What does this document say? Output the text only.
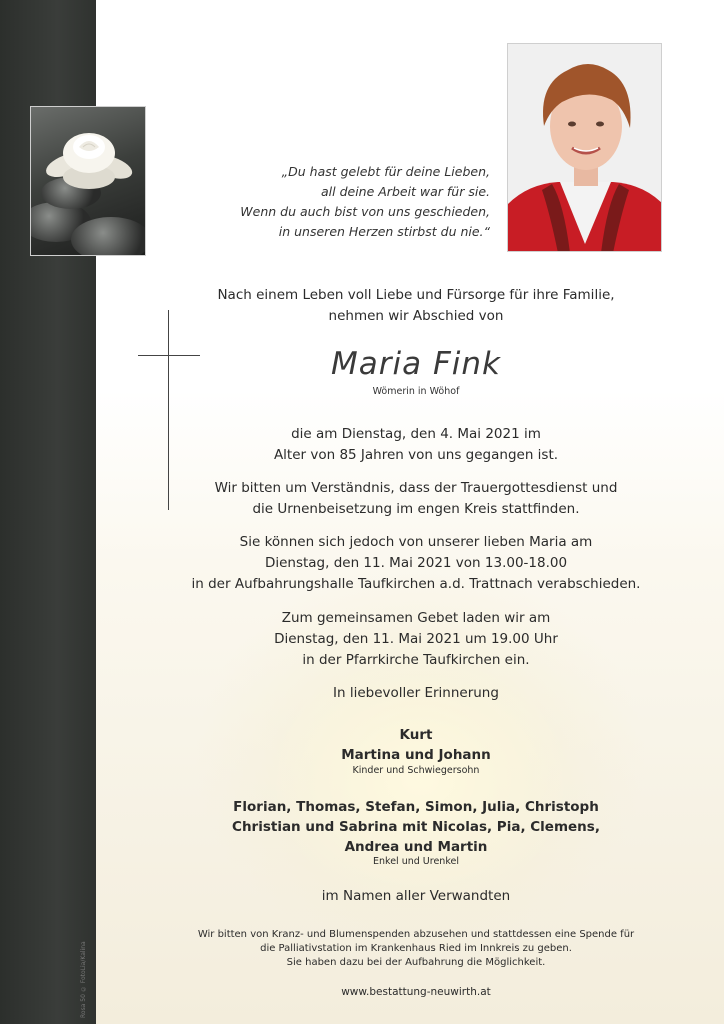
Rosa 50 © FotoLia/Kalina
„Du hast gelebt für deine Lieben,
all deine Arbeit war für sie.
Wenn du auch bist von uns geschieden,
in unseren Herzen stirbst du nie.“
Nach einem Leben voll Liebe und Fürsorge für ihre Familie,
nehmen wir Abschied von
Maria Fink
Wömerin in Wöhof
die am Dienstag, den 4. Mai 2021 im
Alter von 85 Jahren von uns gegangen ist.
Wir bitten um Verständnis, dass der Trauergottesdienst und
die Urnenbeisetzung im engen Kreis stattfinden.
Sie können sich jedoch von unserer lieben Maria am
Dienstag, den 11. Mai 2021 von 13.00-18.00
in der Aufbahrungshalle Taufkirchen a.d. Trattnach verabschieden.
Zum gemeinsamen Gebet laden wir am
Dienstag, den 11. Mai 2021 um 19.00 Uhr
in der Pfarrkirche Taufkirchen ein.
In liebevoller Erinnerung
Kurt
Martina und Johann
Kinder und Schwiegersohn
Florian, Thomas, Stefan, Simon, Julia, Christoph
Christian und Sabrina mit Nicolas, Pia, Clemens,
Andrea und Martin
Enkel und Urenkel
im Namen aller Verwandten
Wir bitten von Kranz- und Blumenspenden abzusehen und stattdessen eine Spende für
die Palliativstation im Krankenhaus Ried im Innkreis zu geben.
Sie haben dazu bei der Aufbahrung die Möglichkeit.
www.bestattung-neuwirth.at
